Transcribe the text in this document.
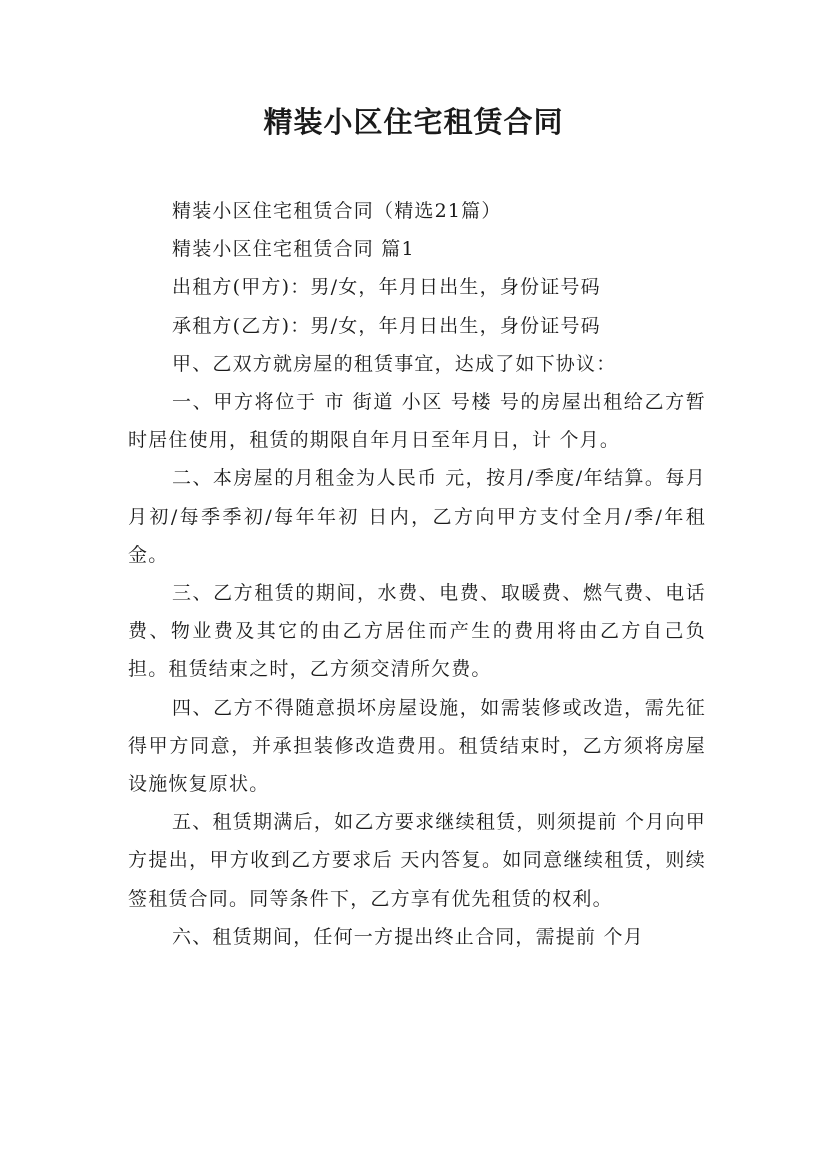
精装小区住宅租赁合同

精装小区住宅租赁合同（精选21篇）

精装小区住宅租赁合同 篇1

出租方(甲方)：男/女，年月日出生，身份证号码

承租方(乙方)：男/女，年月日出生，身份证号码

甲、乙双方就房屋的租赁事宜，达成了如下协议：

一、甲方将位于 市 街道 小区 号楼 号的房屋出租给乙方暂时居住使用，租赁的期限自年月日至年月日，计 个月。

二、本房屋的月租金为人民币 元，按月/季度/年结算。每月月初/每季季初/每年年初 日内，乙方向甲方支付全月/季/年租金。

三、乙方租赁的期间，水费、电费、取暖费、燃气费、电话费、物业费及其它的由乙方居住而产生的费用将由乙方自己负担。租赁结束之时，乙方须交清所欠费。

四、乙方不得随意损坏房屋设施，如需装修或改造，需先征得甲方同意，并承担装修改造费用。租赁结束时，乙方须将房屋设施恢复原状。

五、租赁期满后，如乙方要求继续租赁，则须提前 个月向甲方提出，甲方收到乙方要求后 天内答复。如同意继续租赁，则续签租赁合同。同等条件下，乙方享有优先租赁的权利。

六、租赁期间，任何一方提出终止合同，需提前 个月
